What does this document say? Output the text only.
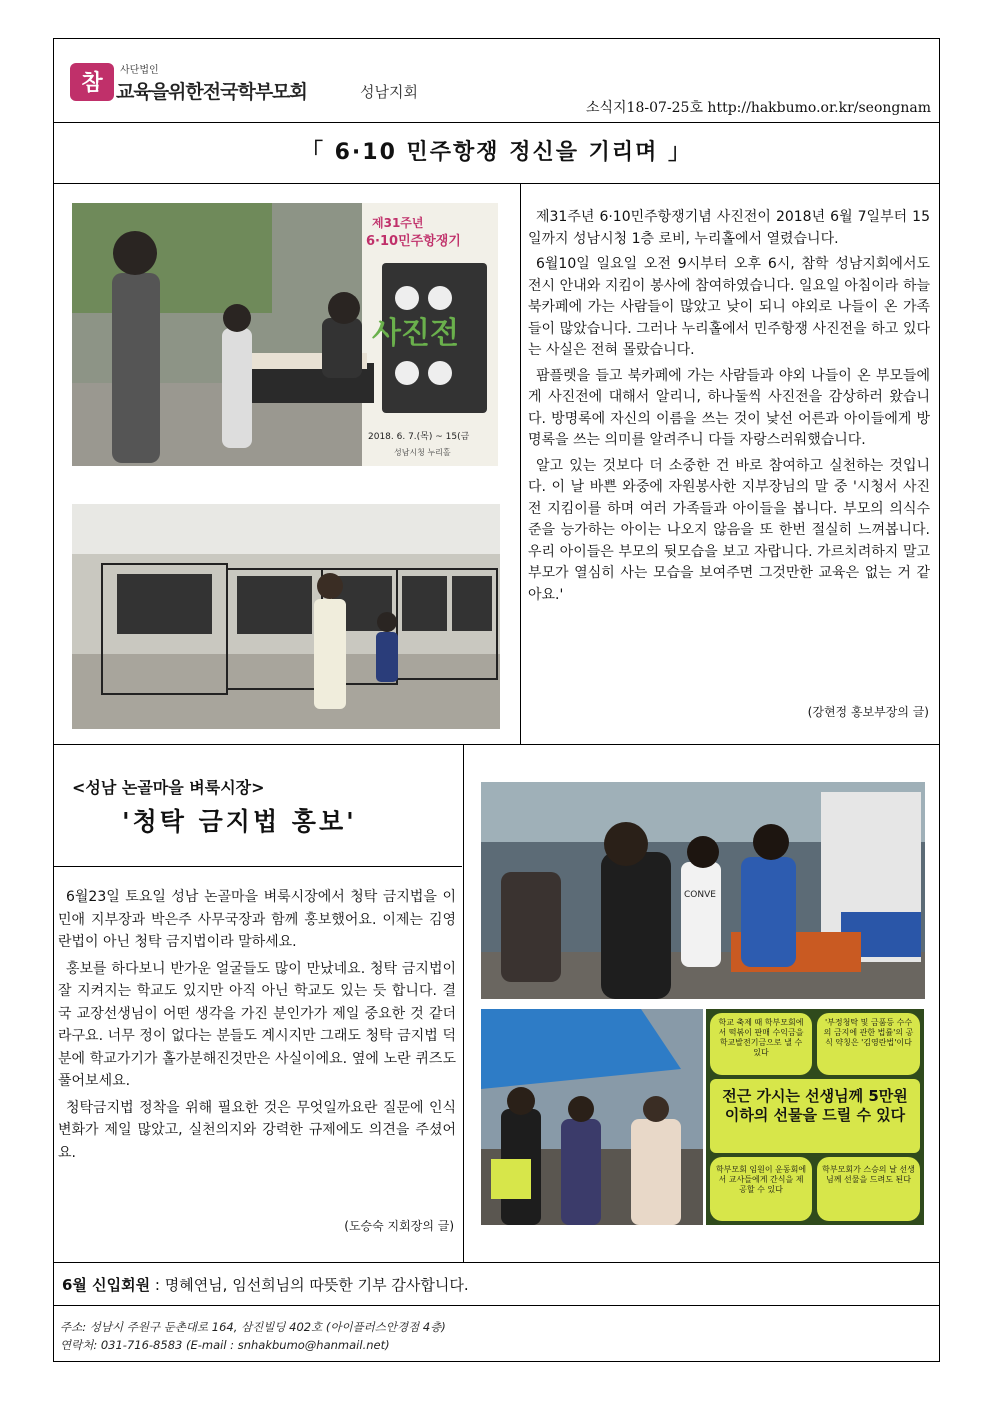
참
사단법인
교육을위한전국학부모회	성남지회
소식지18-07-25호 http://hakbumo.or.kr/seongnam
「 6·10 민주항쟁 정신을 기리며 」
제31주년
6·10민주항쟁기
사진전
2018. 6. 7.(목) ~ 15(금
성남시청 누리홀

제31주년 6·10민주항쟁기념 사진전이 2018년 6월 7일부터 15일까지 성남시청 1층 로비, 누리홀에서 열렸습니다.

6월10일 일요일 오전 9시부터 오후 6시, 참학 성남지회에서도 전시 안내와 지킴이 봉사에 참여하였습니다. 일요일 아침이라 하늘북카페에 가는 사람들이 많았고 낮이 되니 야외로 나들이 온 가족들이 많았습니다. 그러나 누리홀에서 민주항쟁 사진전을 하고 있다는 사실은 전혀 몰랐습니다.

팜플렛을 들고 북카페에 가는 사람들과 야외 나들이 온 부모들에게 사진전에 대해서 알리니, 하나둘씩 사진전을 감상하러 왔습니다. 방명록에 자신의 이름을 쓰는 것이 낯선 어른과 아이들에게 방명록을 쓰는 의미를 알려주니 다들 자랑스러워했습니다.

알고 있는 것보다 더 소중한 건 바로 참여하고 실천하는 것입니다. 이 날 바쁜 와중에 자원봉사한 지부장님의 말 중 '시청서 사진전 지킴이를 하며 여러 가족들과 아이들을 봅니다. 부모의 의식수준을 능가하는 아이는 나오지 않음을 또 한번 절실히 느껴봅니다. 우리 아이들은 부모의 뒷모습을 보고 자랍니다. 가르치려하지 말고 부모가 열심히 사는 모습을 보여주면 그것만한 교육은 없는 거 같아요.'

(강현정 홍보부장의 글)
<성남 논골마을 벼룩시장>
'청탁 금지법 홍보'

6월23일 토요일 성남 논골마을 벼룩시장에서 청탁 금지법을 이민애 지부장과 박은주 사무국장과 함께 홍보했어요. 이제는 김영란법이 아닌 청탁 금지법이라 말하세요.

홍보를 하다보니 반가운 얼굴들도 많이 만났네요. 청탁 금지법이 잘 지켜지는 학교도 있지만 아직 아닌 학교도 있는 듯 합니다. 결국 교장선생님이 어떤 생각을 가진 분인가가 제일 중요한 것 같더라구요. 너무 정이 없다는 분들도 계시지만 그래도 청탁 금지법 덕분에 학교가기가 홀가분해진것만은 사실이에요. 옆에 노란 퀴즈도 풀어보세요.

청탁금지법 정착을 위해 필요한 것은 무엇일까요란 질문에 인식변화가 제일 많았고, 실천의지와 강력한 규제에도 의견을 주셨어요.

(도승숙 지회장의 글)
CONVE
학교 축제 때 학부모회에서 떡볶이 판매 수익금을 학교발전기금으로 낼 수 있다
'부정청탁 및 금품등 수수의 금지에 관한 법률'의 공식 약칭은 '김영란법'이다
전근 가시는 선생님께 5만원 이하의 선물을 드릴 수 있다
학부모회 임원이 운동회에서 교사들에게 간식을 제공할 수 있다
학부모회가 스승의 날 선생님께 선물을 드려도 된다
6월 신입회원 : 명혜연님, 임선희님의 따뜻한 기부 감사합니다.
주소: 성남시 주원구 둔촌대로 164, 삼진빌딩 402호 (아이플러스안경점 4층)
연락처: 031-716-8583 (E-mail : snhakbumo@hanmail.net)
